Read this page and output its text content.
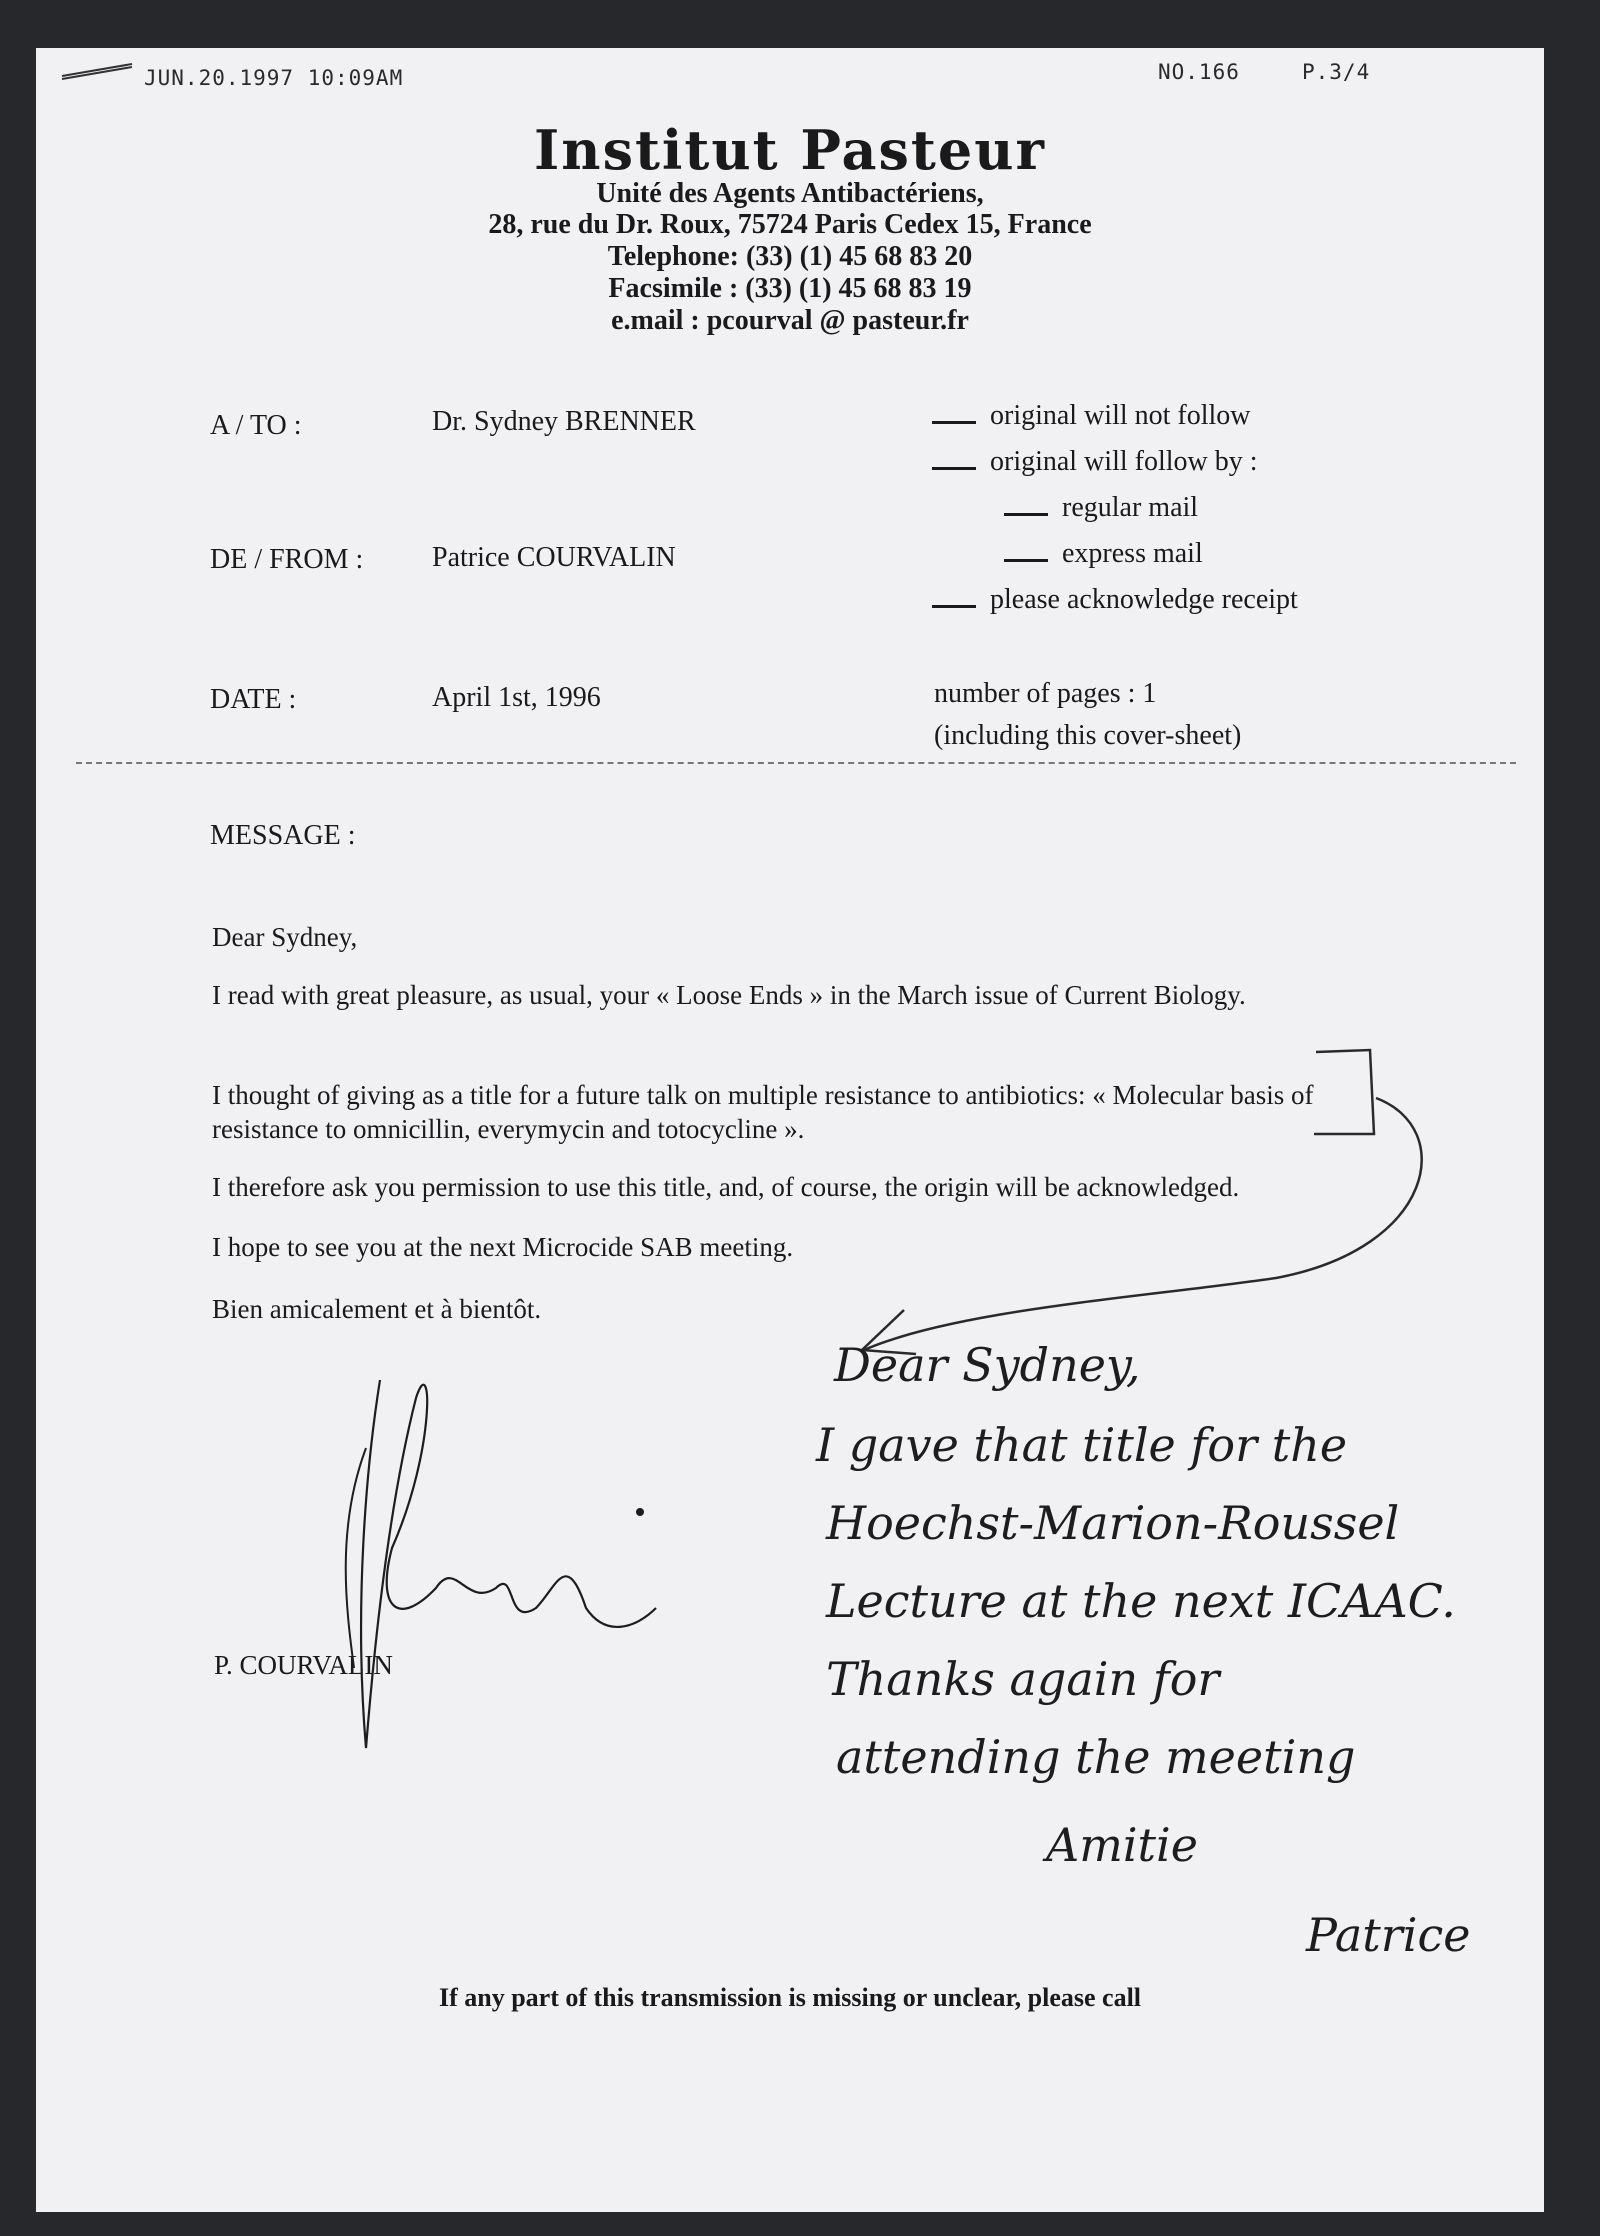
JUN.20.1997 10:09AM	NO.166	P.3/4
Institut Pasteur
Unité des Agents Antibactériens,
28, rue du Dr. Roux, 75724 Paris Cedex 15, France
Telephone: (33) (1) 45 68 83 20
Facsimile : (33) (1) 45 68 83 19
e.mail : pcourval @ pasteur.fr
A / TO :	Dr. Sydney BRENNER
DE / FROM : Patrice COURVALIN
DATE :	April 1st, 1996
original will not follow
original will follow by :
regular mail
express mail
please acknowledge receipt
number of pages : 1
(including this cover-sheet)
MESSAGE :
Dear Sydney,
I read with great pleasure, as usual, your « Loose Ends » in the March issue of Current Biology.
I thought of giving as a title for a future talk on multiple resistance to antibiotics: « Molecular basis of resistance to omnicillin, everymycin and totocycline ».
I therefore ask you permission to use this title, and, of course, the origin will be acknowledged.
I hope to see you at the next Microcide SAB meeting.
Bien amicalement et à bientôt.
P. COURVALIN
Dear Sydney,
I gave that title for the
Hoechst-Marion-Roussel
Lecture at the next ICAAC.
Thanks again for
attending the meeting
Amitie
Patrice
If any part of this transmission is missing or unclear, please call
